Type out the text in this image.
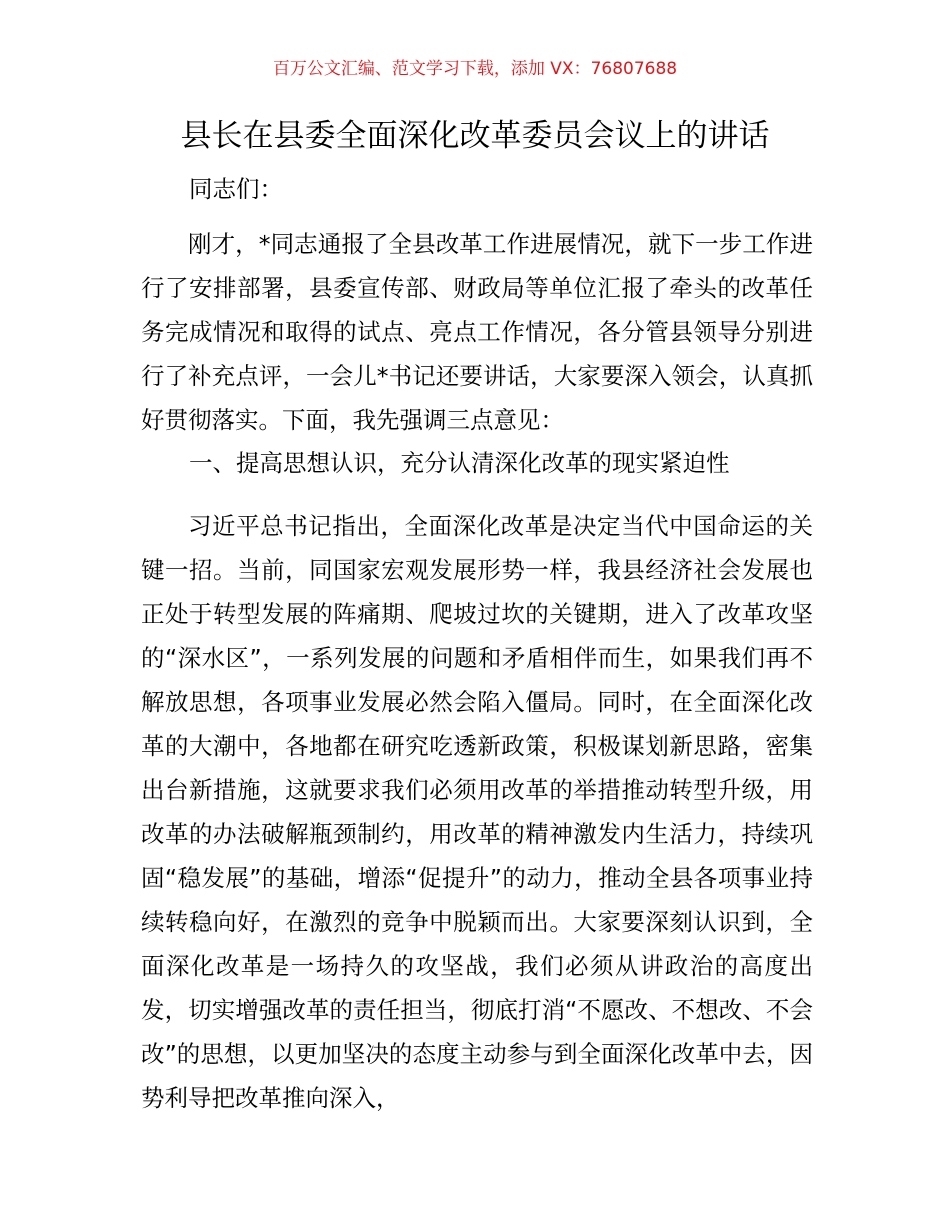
百万公文汇编、范文学习下载，添加 VX：76807688
县长在县委全面深化改革委员会议上的讲话
同志们：

刚才，*同志通报了全县改革工作进展情况，就下一步工作进行了安排部署，县委宣传部、财政局等单位汇报了牵头的改革任务完成情况和取得的试点、亮点工作情况，各分管县领导分别进行了补充点评，一会儿*书记还要讲话，大家要深入领会，认真抓好贯彻落实。下面，我先强调三点意见：

一、提高思想认识，充分认清深化改革的现实紧迫性

习近平总书记指出，全面深化改革是决定当代中国命运的关键一招。当前，同国家宏观发展形势一样，我县经济社会发展也正处于转型发展的阵痛期、爬坡过坎的关键期，进入了改革攻坚的“深水区”，一系列发展的问题和矛盾相伴而生，如果我们再不解放思想，各项事业发展必然会陷入僵局。同时，在全面深化改革的大潮中，各地都在研究吃透新政策，积极谋划新思路，密集出台新措施，这就要求我们必须用改革的举措推动转型升级，用改革的办法破解瓶颈制约，用改革的精神激发内生活力，持续巩固“稳发展”的基础，增添“促提升”的动力，推动全县各项事业持续转稳向好，在激烈的竞争中脱颖而出。大家要深刻认识到，全面深化改革是一场持久的攻坚战，我们必须从讲政治的高度出发，切实增强改革的责任担当，彻底打消“不愿改、不想改、不会改”的思想，以更加坚决的态度主动参与到全面深化改革中去，因势利导把改革推向深入，
